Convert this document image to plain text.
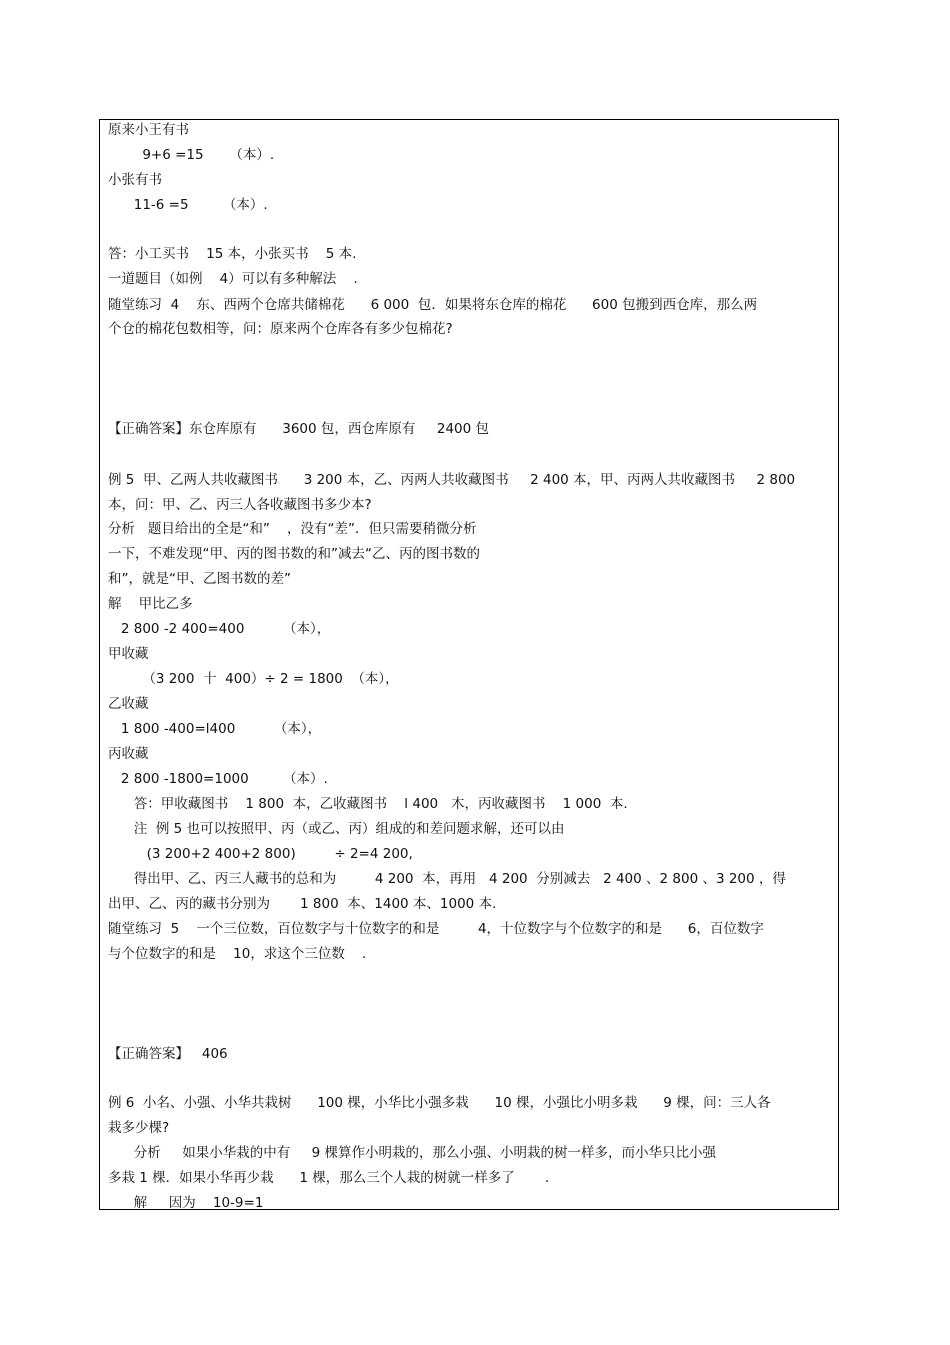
原来小王有书
9+6 =15      （本）.
小张有书
11-6 =5        （本）.
答：小工买书    15 本，小张买书    5 本.
一道题目（如例    4）可以有多种解法    .
随堂练习  4    东、西两个仓席共储棉花      6 000  包．如果将东仓库的棉花      600 包搬到西仓库，那么两
个仓的棉花包数相等，问：原来两个仓库各有多少包棉花?
【正确答案】东仓库原有      3600 包，西仓库原有     2400 包
例 5  甲、乙两人共收藏图书      3 200 本，乙、丙两人共收藏图书     2 400 本，甲、丙两人共收藏图书     2 800
本，问：甲、乙、丙三人各收藏图书多少本?
分析   题目给出的全是“和”    ，没有“差”．但只需要稍微分析
一下，不难发现“甲、丙的图书数的和”减去“乙、丙的图书数的
和”，就是“甲、乙图书数的差”
解    甲比乙多
2 800 -2 400=400         （本），
甲收藏
（3 200  十  400）÷ 2 = 1800  （本），
乙收藏
1 800 -400=l400         （本），
丙收藏
2 800 -1800=1000        （本）.
答：甲收藏图书    1 800  本，乙收藏图书    l 400   木，丙收藏图书    1 000  本.
注  例 5 也可以按照甲、丙（或乙、丙）组成的和差问题求解，还可以由
(3 200+2 400+2 800)         ÷ 2=4 200,
得出甲、乙、丙三人藏书的总和为         4 200  本，再用   4 200  分别减去   2 400 、2 800 、3 200 ，得
出甲、乙、丙的藏书分别为       1 800  本、1400 本、1000 本.
随堂练习  5    一个三位数，百位数字与十位数字的和是         4，十位数字与个位数字的和是      6，百位数字
与个位数字的和是    10，求这个三位数    .
【正确答案】   406
例 6  小名、小强、小华共栽树      100 棵，小华比小强多栽      10 棵，小强比小明多栽      9 棵，问：三人各
栽多少棵?
分析     如果小华栽的中有     9 棵算作小明栽的，那么小强、小明栽的树一样多，而小华只比小强
多栽 1 棵．如果小华再少栽      1 棵，那么三个人栽的树就一样多了       .
解     因为    10-9=1
